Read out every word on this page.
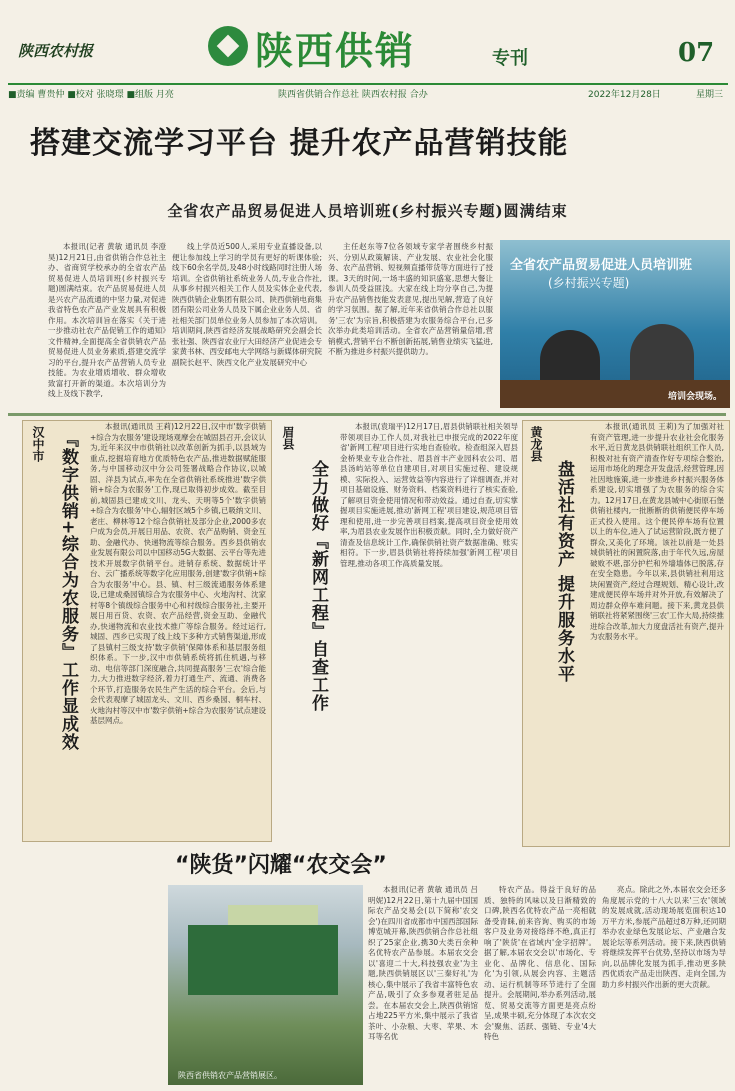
陕西农村报	陕西供销	专刊	07
■责编 曹贵仲 ■校对 张晓璟 ■组版 月亮	陕西省供销合作总社 陕西农村报 合办	2022年12月28日	星期三
搭建交流学习平台 提升农产品营销技能
全省农产品贸易促进人员培训班(乡村振兴专题)圆满结束

本报讯(记者 黄敏 通讯员 李澄昊)12月21日,由省供销合作总社主办、省商贸学校承办的全省农产品贸易促进人员培训班(乡村振兴专题)圆满结束。农产品贸易促进人员是兴农产品流通的中坚力量,对促进我省特色农产品产业发展具有积极作用。本次培训旨在落实《关于进一步推动社农产品促销工作的通知》文件精神,全面提高全省供销农产品贸易促进人员业务素质,搭建交流学习的平台,提升农产品营销人员专业技能。为农业增质增收、群众增收致富打开新的渠道。本次培训分为线上及线下教学,

线上学员近500人,采用专业直播设备,以便让参加线上学习的学员有更好的听课体验;线下60余名学员,及48小时线路同时注册人场培训。全省供销社系统业务人员,专业合作社,从事乡村振兴相关工作人员及实体企业代表,陕西供销企业集团有限公司、陕西供销电商集团有限公司业务人员及下属企业业务人员、省社相关部门员单位业务人员参加了本次培训。培训期间,陕西省经济发展战略研究会副会长张社强、陕西省农业厅大田经济产业促进会专家黄书林、西安邮电大学网络与新媒体研究院副院长赵平、陕西文化产业发展研究中心

主任赵东等7位各领域专家学者围绕乡村振兴、分别从政策解读、产业发展、农业社会化服务、农产品营销、短视频直播带货等方面进行了授课。3天的时间,一场丰盛的知识盛宴,思想大餐让参训人员受益匪浅。大家在线上均分享自己,为提升农产品销售技能发表意见,提出见解,营造了良好的学习氛围。据了解,近年来省供销合作总社以服务'三农'为宗旨,积极搭建为农服务综合平台,已多次举办此类培训活动。全省农产品营销量倍增,营销模式,营销平台不断创新拓展,销售业绩实飞猛进,不断为推进乡村振兴提供助力。

全省农产品贸易促进人员培训班
(乡村振兴专题)
培训会现场。
汉中市 『数字供销+综合为农服务』工作显成效

本报讯(通讯员 王莉)12月22日,汉中市'数字供销+综合为农服务'建设现场观摩会在城固县召开,会议认为,近年来汉中市供销社以改革创新为抓手,以县域为重点,挖掘培育地方优质特色农产品,推进数据赋能服务,与中国移动汉中分公司签署战略合作协议,以城固、洋县为试点,率先在全省供销社系统推进'数字供销+综合为农服务'工作,现已取得初步成效。截至目前,城固县已建成文川、龙头、天明等5个'数字供销+综合为农服务'中心,辐射区域5个乡镇,已吸纳文川、老庄、柳林等12个综合供销社及部分企业,2000多农户成为会员,开展日用品、农资、农产品购销、资金互助、金融代办、快递物流等综合服务。西乡县供销农业发展有限公司以中国移动5G大数据、云平台等先进技术开展数字供销平台。进销存系统、数据统计平台、云广播系统等数字化应用服务,创建'数字供销+综合为农服务'中心。县、镇、村三级流通服务体系建设,已建成桑园镇综合为农服务中心、火地沟村、沈家村等8个镇级综合服务中心和村级综合服务社,主要开展日用百货、农资、农产品经营,资金互助、金融代办,快递物流和农业技术推广等综合服务。经过运行,城固、西乡已实现了线上线下多种方式销售渠道,形成了县镇村三级支持'数字供销'保障体系和基层服务组织体系。下一步,汉中市供销系统将抓住机遇,与移动、电信等部门深度融合,共同提高服务'三农'综合能力,大力推进数字经济,着力打通生产、流通、消费各个环节,打造服务农民生产生活的综合平台。会后,与会代表观摩了城固龙头、文川、西乡桑园、桐车村、火地沟村等汉中市'数字供销+综合为农服务'试点建设基层网点。

眉县
全力做好『新网工程』自查工作

本报讯(袁瑞平)12月17日,眉县供销联社相关领导带领项目办工作人员,对我社已申报完成的2022年度省'新网工程'项目进行实地自查验收。检查组深入眉县金桥果业专业合作社、眉县首丰产业园科农公司、眉县汤屿站等单位自建项目,对项目实施过程、建设规模、实际投入、运营效益等内容进行了详细调查,并对项目基础设施、财务资料、档案资料进行了核实查验,了解项目资金使用情况和带动效益。通过自查,切实掌握项目实施进展,推动'新网工程'项目建设,规范项目管理和使用,进一步完善项目档案,提高项目资金使用效率,为眉县农业发展作出积极贡献。同时,全力做好资产清查及信息统计工作,确保供销社资产数据准确、账实相符。下一步,眉县供销社将持续加强'新网工程'项目管理,推动各项工作高质量发展。

黄龙县
盘活社有资产 提升服务水平

本报讯(通讯员 王莉)为了加强对社有资产管理,进一步提升农业社会化服务水平,近日黄龙县供销联社组织工作人员,积极对社有资产清查作好专项综合整治,运用市场化的理念开发盘活,经营管理,因社因地施策,进一步推进乡村振兴服务体系建设,切实增强了为农服务的综合实力。12月17日,在黄龙县城中心街原石堡供销社楼内,一批断断的供销便民停车场正式投入使用。这个便民停车场有位置以上的车位,进入了试运营阶段,既方便了群众,又美化了环境。该社以前是一处县城供销社的闲置院落,由于年代久远,房屋破败不堪,部分护栏和外墙墙体已脱落,存在安全隐患。今年以来,县供销社利用这块闲置资产,经过合理规划、精心设计,改建成便民停车场并对外开放,有效解决了周边群众停车难问题。接下来,黄龙县供销联社将紧紧围绕'三农'工作大局,持续推进综合改革,加大力度盘活社有资产,提升为农服务水平。

“陕货”闪耀“农交会”

本报讯(记者 黄敏 通讯员 吕明妮)12月22日,第十九届中国国际农产品交易会(以下简称'农交会')在四川省成都市中国西部国际博览城开幕,陕西供销合作总社组织了25家企业,携30大类百余种名优特农产品参展。本届农交会以'喜迎二十大,科技强农业'为主题,陕西供销展区以'三秦好礼'为核心,集中展示了我省丰富特色农产品,吸引了众多参观者驻足品尝。在本届农交会上,陕西供销馆占地225平方米,集中展示了我省茶叶、小杂粮、大枣、苹果、木耳等名优

特农产品。得益于良好的品质、独特的风味以及日渐精致的口碑,陕西名优特农产品一亮相就备受青睐,前来咨询、购买的市场客户及业务对接络绎不绝,真正打响了'陕货'在省域内'金字招牌'。据了解,本届农交会以'市场化、专业化、品牌化、信息化、国际化'为引领,从展会内容、主题活动、运行机制等环节进行了全面提升。会展期间,举办系列活动,展览、贸易交流等方面更是亮点纷呈,成果丰硕,充分体现了本次农交会'聚焦、活跃、强链、专业'4大特色

亮点。除此之外,本届农交会还多角度展示党的十八大以来'三农'领域的发展成就,活动现场展览面积达10万平方米,参展产品超过8万种,还同期举办农业绿色发展论坛、产业融合发展论坛等系列活动。接下来,陕西供销将继续发挥平台优势,坚持以市场为导向,以品牌化发展为抓手,推动更多陕西优质农产品走出陕西、走向全国,为助力乡村振兴作出新的更大贡献。

陕西省供销农产品营销展区。
